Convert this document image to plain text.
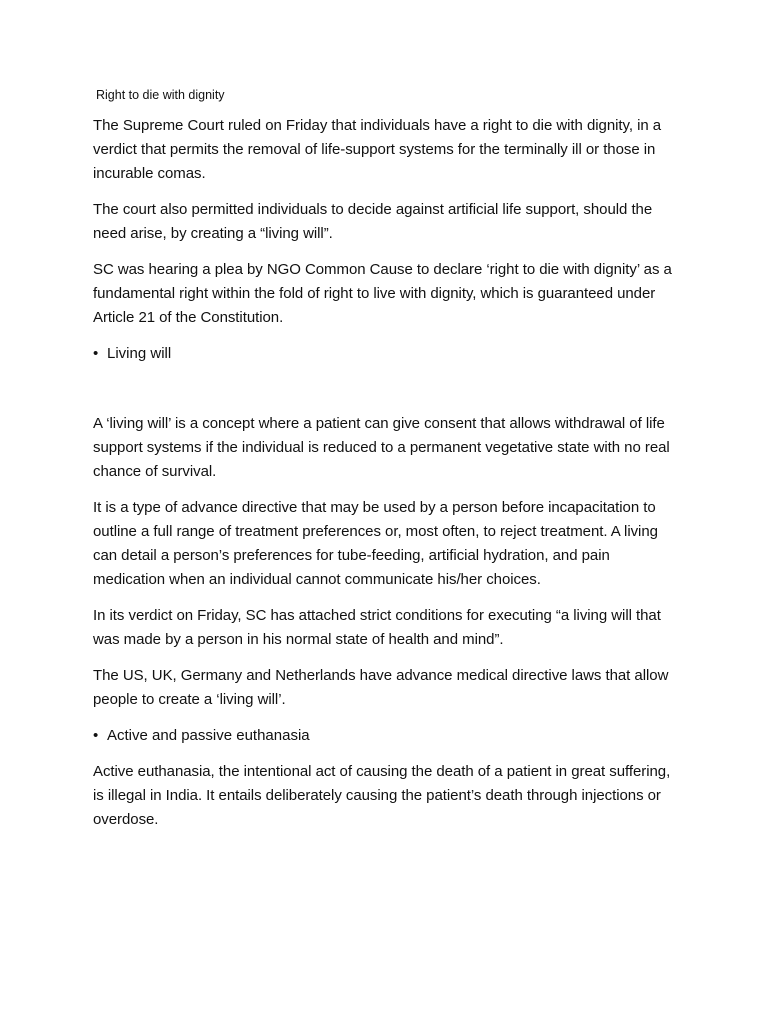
Right to die with dignity

The Supreme Court ruled on Friday that individuals have a right to die with dignity, in a verdict that permits the removal of life-support systems for the terminally ill or those in incurable comas.

The court also permitted individuals to decide against artificial life support, should the need arise, by creating a “living will”.

SC was hearing a plea by NGO Common Cause to declare ‘right to die with dignity’ as a fundamental right within the fold of right to live with dignity, which is guaranteed under Article 21 of the Constitution.

• Living will

A ‘living will’ is a concept where a patient can give consent that allows withdrawal of life support systems if the individual is reduced to a permanent vegetative state with no real chance of survival.

It is a type of advance directive that may be used by a person before incapacitation to outline a full range of treatment preferences or, most often, to reject treatment. A living can detail a person’s preferences for tube-feeding, artificial hydration, and pain medication when an individual cannot communicate his/her choices.

In its verdict on Friday, SC has attached strict conditions for executing “a living will that was made by a person in his normal state of health and mind”.

The US, UK, Germany and Netherlands have advance medical directive laws that allow people to create a ‘living will’.

• Active and passive euthanasia

Active euthanasia, the intentional act of causing the death of a patient in great suffering, is illegal in India. It entails deliberately causing the patient’s death through injections or overdose.
